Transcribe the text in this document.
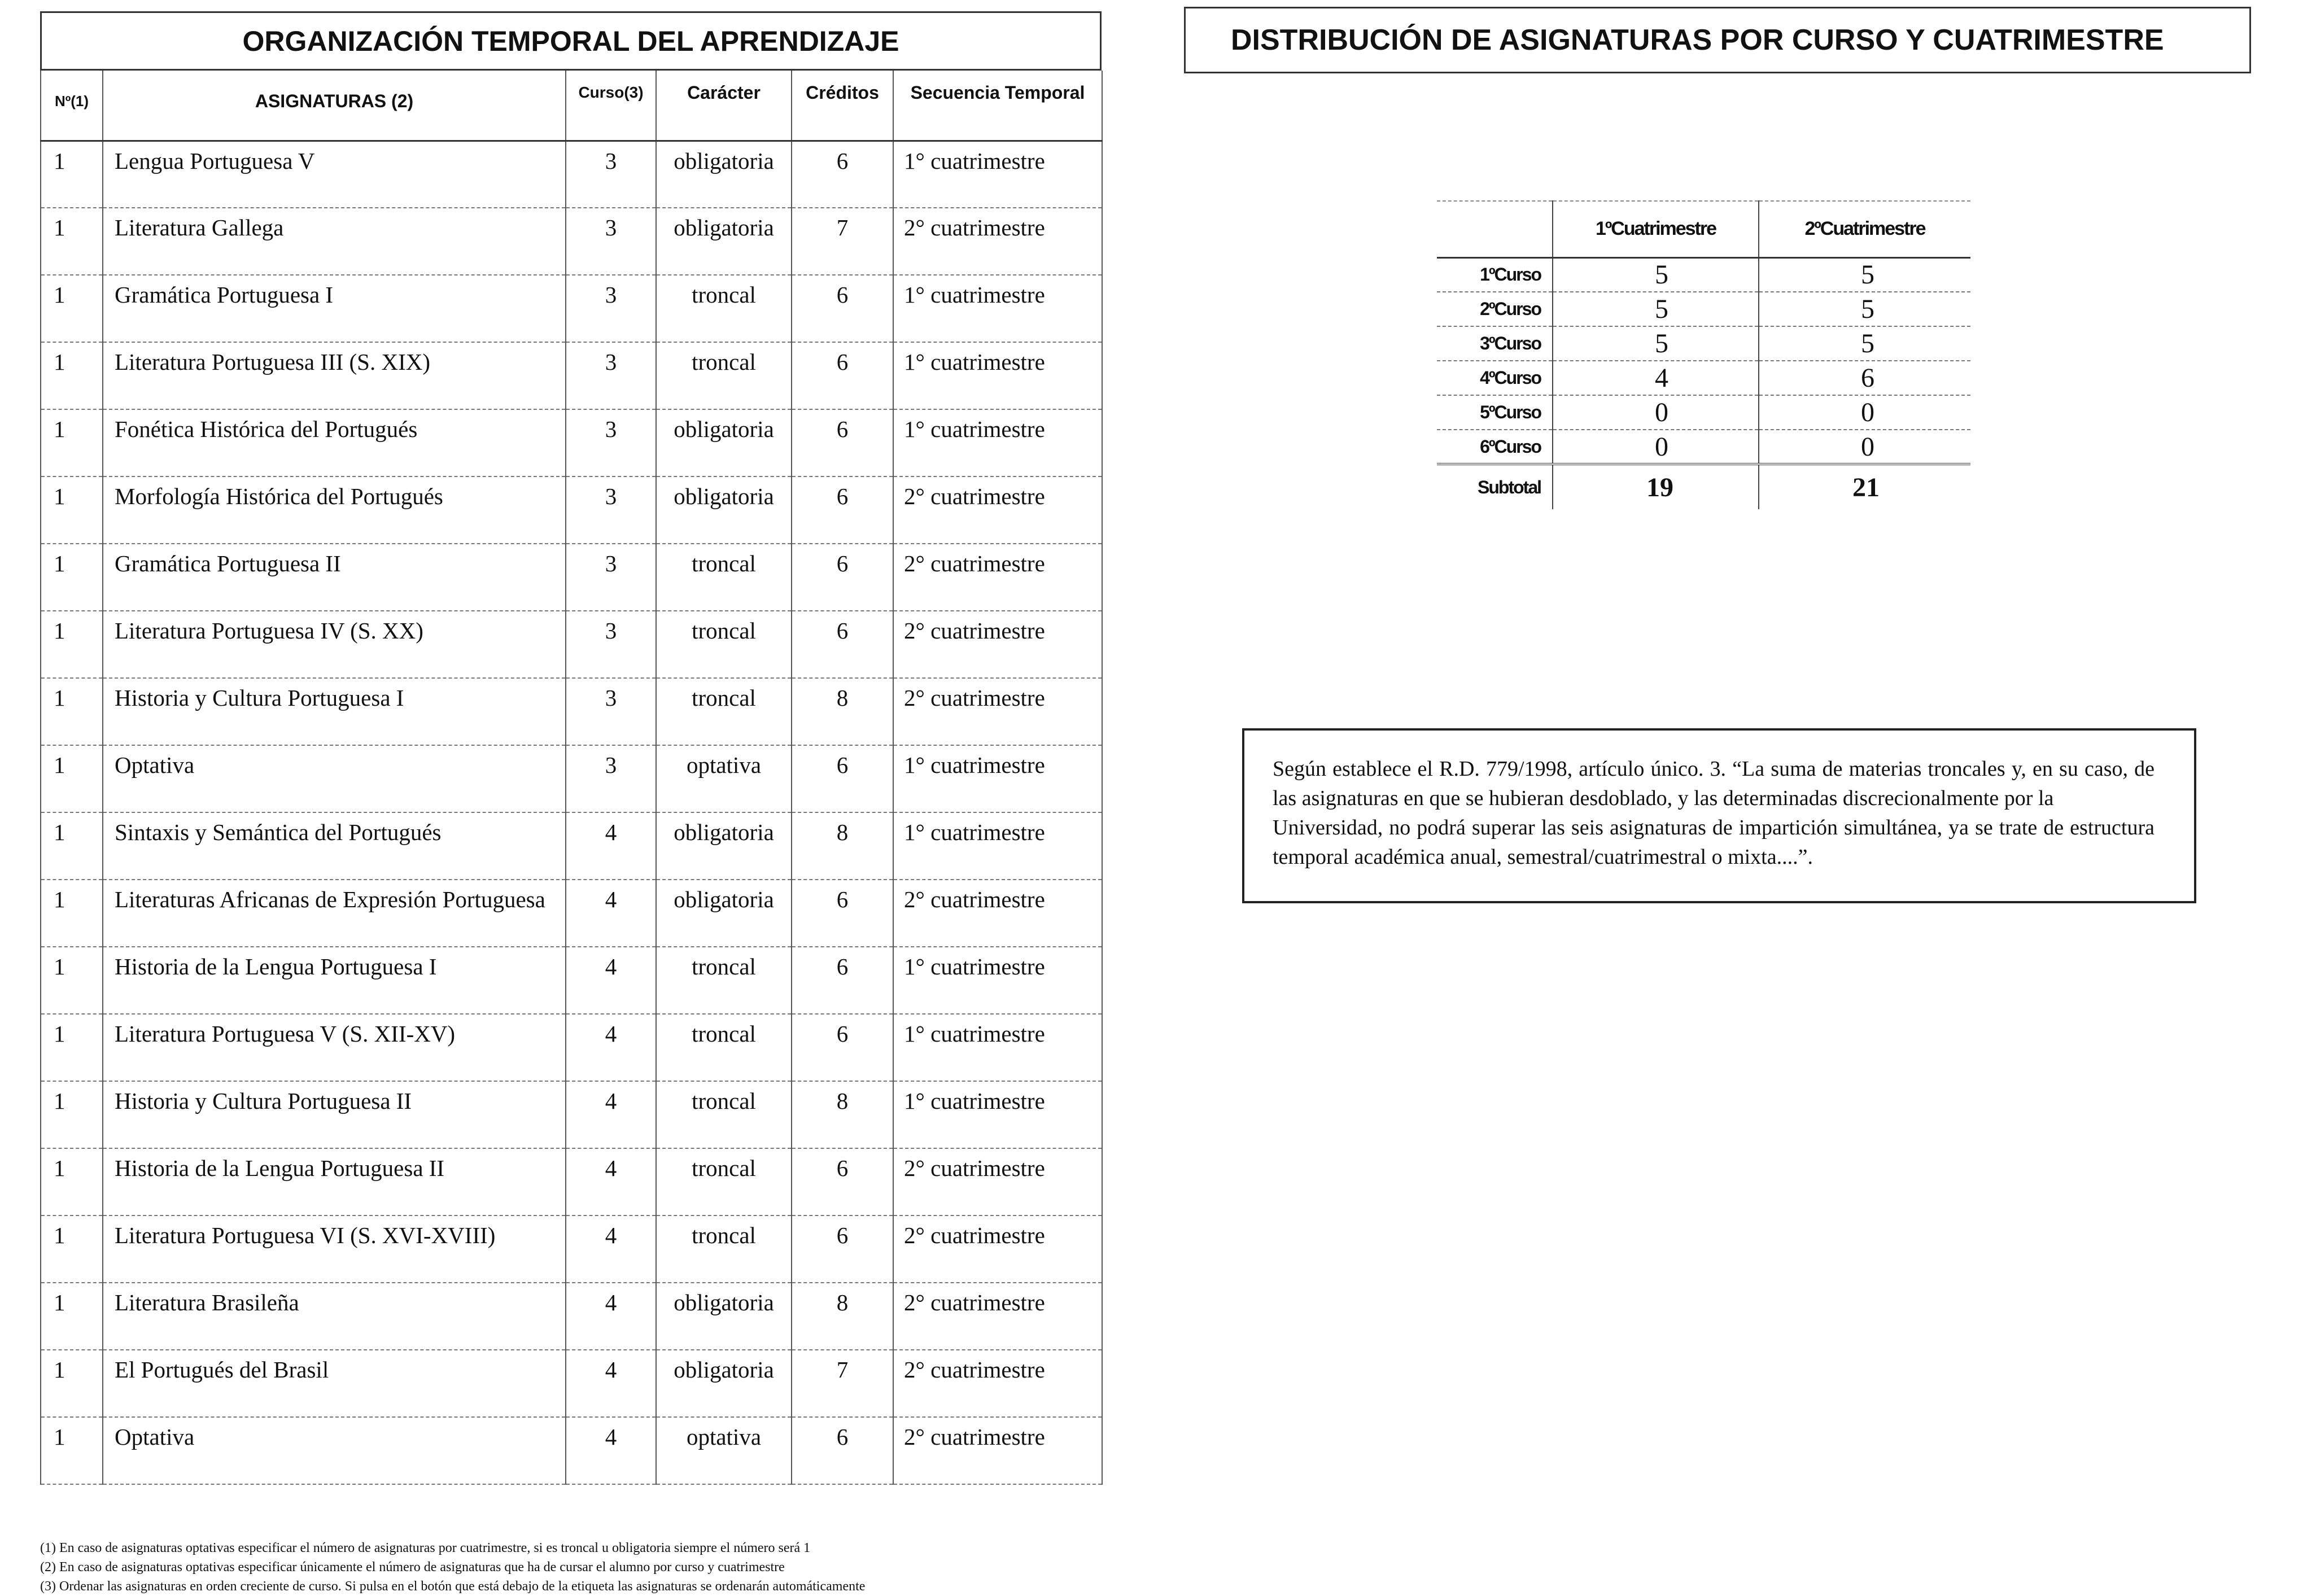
ORGANIZACIÓN TEMPORAL DEL APRENDIZAJE
Nº(1)	ASIGNATURAS (2)	Curso(3)	Carácter	Créditos	Secuencia Temporal
1	Lengua Portuguesa V	3	obligatoria	6	1° cuatrimestre
1	Literatura Gallega	3	obligatoria	7	2° cuatrimestre
1	Gramática Portuguesa I	3	troncal	6	1° cuatrimestre
1	Literatura Portuguesa III (S. XIX)	3	troncal	6	1° cuatrimestre
1	Fonética Histórica del Portugués	3	obligatoria	6	1° cuatrimestre
1	Morfología Histórica del Portugués	3	obligatoria	6	2° cuatrimestre
1	Gramática Portuguesa II	3	troncal	6	2° cuatrimestre
1	Literatura Portuguesa IV (S. XX)	3	troncal	6	2° cuatrimestre
1	Historia y Cultura Portuguesa I	3	troncal	8	2° cuatrimestre
1	Optativa	3	optativa	6	1° cuatrimestre
1	Sintaxis y Semántica del Portugués	4	obligatoria	8	1° cuatrimestre
1	Literaturas Africanas de Expresión Portuguesa	4	obligatoria	6	2° cuatrimestre
1	Historia de la Lengua Portuguesa I	4	troncal	6	1° cuatrimestre
1	Literatura Portuguesa V (S. XII-XV)	4	troncal	6	1° cuatrimestre
1	Historia y Cultura Portuguesa II	4	troncal	8	1° cuatrimestre
1	Historia de la Lengua Portuguesa II	4	troncal	6	2° cuatrimestre
1	Literatura Portuguesa VI (S. XVI-XVIII)	4	troncal	6	2° cuatrimestre
1	Literatura Brasileña	4	obligatoria	8	2° cuatrimestre
1	El Portugués del Brasil	4	obligatoria	7	2° cuatrimestre
1	Optativa	4	optativa	6	2° cuatrimestre
DISTRIBUCIÓN DE ASIGNATURAS POR CURSO Y CUATRIMESTRE
	1ºCuatrimestre	2ºCuatrimestre
1ºCurso	5	5
2ºCurso	5	5
3ºCurso	5	5
4ºCurso	4	6
5ºCurso	0	0
6ºCurso	0	0
Subtotal	19	21

Según establece el R.D. 779/1998, artículo único. 3. “La suma de materias troncales y, en su caso, de las asignaturas en que se hubieran desdoblado, y las determinadas discrecionalmente por la

Universidad, no podrá superar las seis asignaturas de impartición simultánea, ya se trate de estructura temporal académica anual, semestral/cuatrimestral o mixta....”.

(1) En caso de asignaturas optativas especificar el número de asignaturas por cuatrimestre, si es troncal u obligatoria siempre el número será 1

(2) En caso de asignaturas optativas especificar únicamente el número de asignaturas que ha de cursar el alumno por curso y cuatrimestre

(3) Ordenar las asignaturas en orden creciente de curso. Si pulsa en el botón que está debajo de la etiqueta las asignaturas se ordenarán automáticamente
